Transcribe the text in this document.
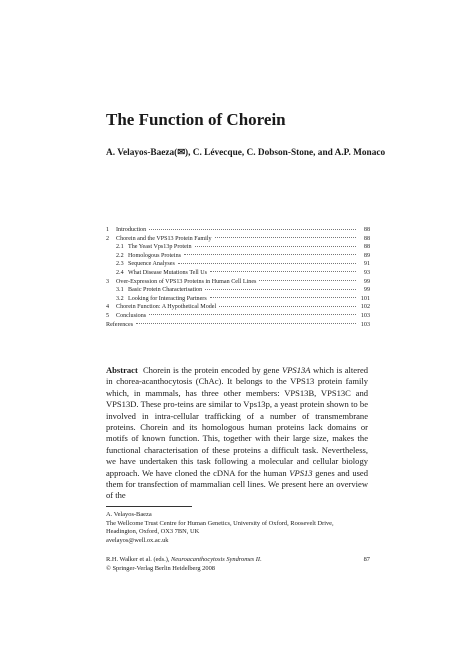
The Function of Chorein
A. Velayos-Baeza(✉), C. Lévecque, C. Dobson-Stone, and A.P. Monaco
1	Introduction	88
2	Chorein and the VPS13 Protein Family	88
2.1 The Yeast Vps13p Protein	88
2.2 Homologous Proteins	89
2.3 Sequence Analyses	91
2.4 What Disease Mutations Tell Us	93
3	Over-Expression of VPS13 Proteins in Human Cell Lines	99
3.1 Basic Protein Characterisation	99
3.2 Looking for Interacting Partners	101
4	Chorein Function: A Hypothetical Model	102
5	Conclusions	103
References	103
Abstract Chorein is the protein encoded by gene VPS13A which is altered in chorea-acanthocytosis (ChAc). It belongs to the VPS13 protein family which, in mammals, has three other members: VPS13B, VPS13C and VPS13D. These pro-teins are similar to Vps13p, a yeast protein shown to be involved in intra-cellular trafficking of a number of transmembrane proteins. Chorein and its homologous human proteins lack domains or motifs of known function. This, together with their large size, makes the functional characterisation of these proteins a difficult task. Nevertheless, we have undertaken this task following a molecular and cellular biology approach. We have cloned the cDNA for the human VPS13 genes and used them for transfection of mammalian cell lines. We present here an overview of the
A. Velayos-Baeza
The Wellcome Trust Centre for Human Genetics, University of Oxford, Roosevelt Drive,
Headington, Oxford, OX3 7BN, UK
avelayos@well.ox.ac.uk
R.H. Walker et al. (eds.), Neuroacanthocytosis Syndromes II.	87
© Springer-Verlag Berlin Heidelberg 2008
